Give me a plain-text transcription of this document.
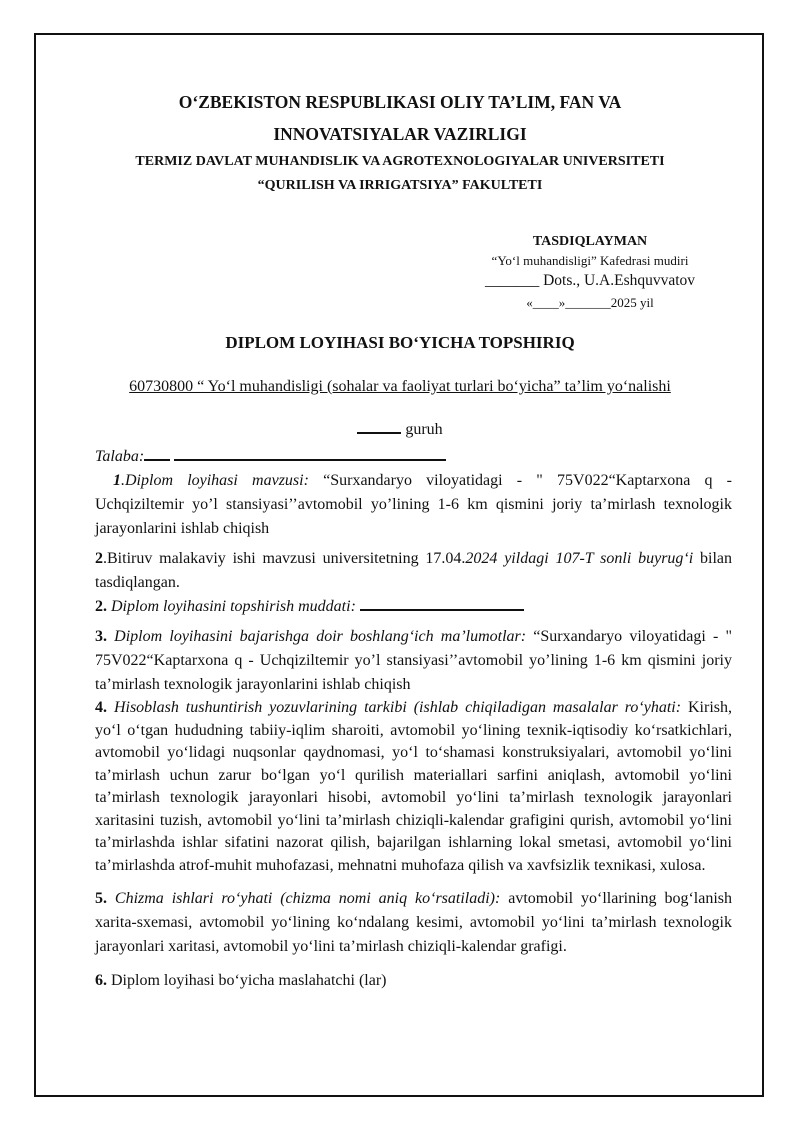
O‘ZBEKISTON RESPUBLIKASI OLIY TA’LIM, FAN VA
INNOVATSIYALAR VAZIRLIGI
TERMIZ DAVLAT MUHANDISLIK VA AGROTEXNOLOGIYALAR UNIVERSITETI
“QURILISH VA IRRIGATSIYA” FAKULTETI
TASDIQLAYMAN
“Yo‘l muhandisligi” Kafedrasi mudiri
_______ Dots., U.A.Eshquvvatov
«____»_______2025 yil
DIPLOM LOYIHASI BO‘YICHA TOPSHIRIQ
60730800 “ Yo‘l muhandisligi (sohalar va faoliyat turlari bo‘yicha” ta’lim yo‘nalishi
guruh

Talaba:

1.Diplom loyihasi mavzusi: “Surxandaryo viloyatidagi - " 75V022“Kaptarxona q - Uchqiziltemir yo’l stansiyasi’’avtomobil yo’lining 1-6 km qismini joriy ta’mirlash texnologik jarayonlarini ishlab chiqish

2.Bitiruv malakaviy ishi mavzusi universitetning 17.04.2024 yildagi 107-T sonli buyrug‘i bilan tasdiqlangan.

2. Diplom loyihasini topshirish muddati:

3. Diplom loyihasini bajarishga doir boshlang‘ich ma’lumotlar: “Surxandaryo viloyatidagi - " 75V022“Kaptarxona q - Uchqiziltemir yo’l stansiyasi’’avtomobil yo’lining 1-6 km qismini joriy ta’mirlash texnologik jarayonlarini ishlab chiqish

4. Hisoblash tushuntirish yozuvlarining tarkibi (ishlab chiqiladigan masalalar ro‘yhati: Kirish, yo‘l o‘tgan hududning tabiiy-iqlim sharoiti, avtomobil yo‘lining texnik-iqtisodiy ko‘rsatkichlari, avtomobil yo‘lidagi nuqsonlar qaydnomasi, yo‘l to‘shamasi konstruksiyalari, avtomobil yo‘lini ta’mirlash uchun zarur bo‘lgan yo‘l qurilish materiallari sarfini aniqlash, avtomobil yo‘lini ta’mirlash texnologik jarayonlari hisobi, avtomobil yo‘lini ta’mirlash texnologik jarayonlari xaritasini tuzish, avtomobil yo‘lini ta’mirlash chiziqli-kalendar grafigini qurish, avtomobil yo‘lini ta’mirlashda ishlar sifatini nazorat qilish, bajarilgan ishlarning lokal smetasi, avtomobil yo‘lini ta’mirlashda atrof-muhit muhofazasi, mehnatni muhofaza qilish va xavfsizlik texnikasi, xulosa.

5. Chizma ishlari ro‘yhati (chizma nomi aniq ko‘rsatiladi): avtomobil yo‘llarining bog‘lanish xarita-sxemasi, avtomobil yo‘lining ko‘ndalang kesimi, avtomobil yo‘lini ta’mirlash texnologik jarayonlari xaritasi, avtomobil yo‘lini ta’mirlash chiziqli-kalendar grafigi.

6. Diplom loyihasi bo‘yicha maslahatchi (lar)
